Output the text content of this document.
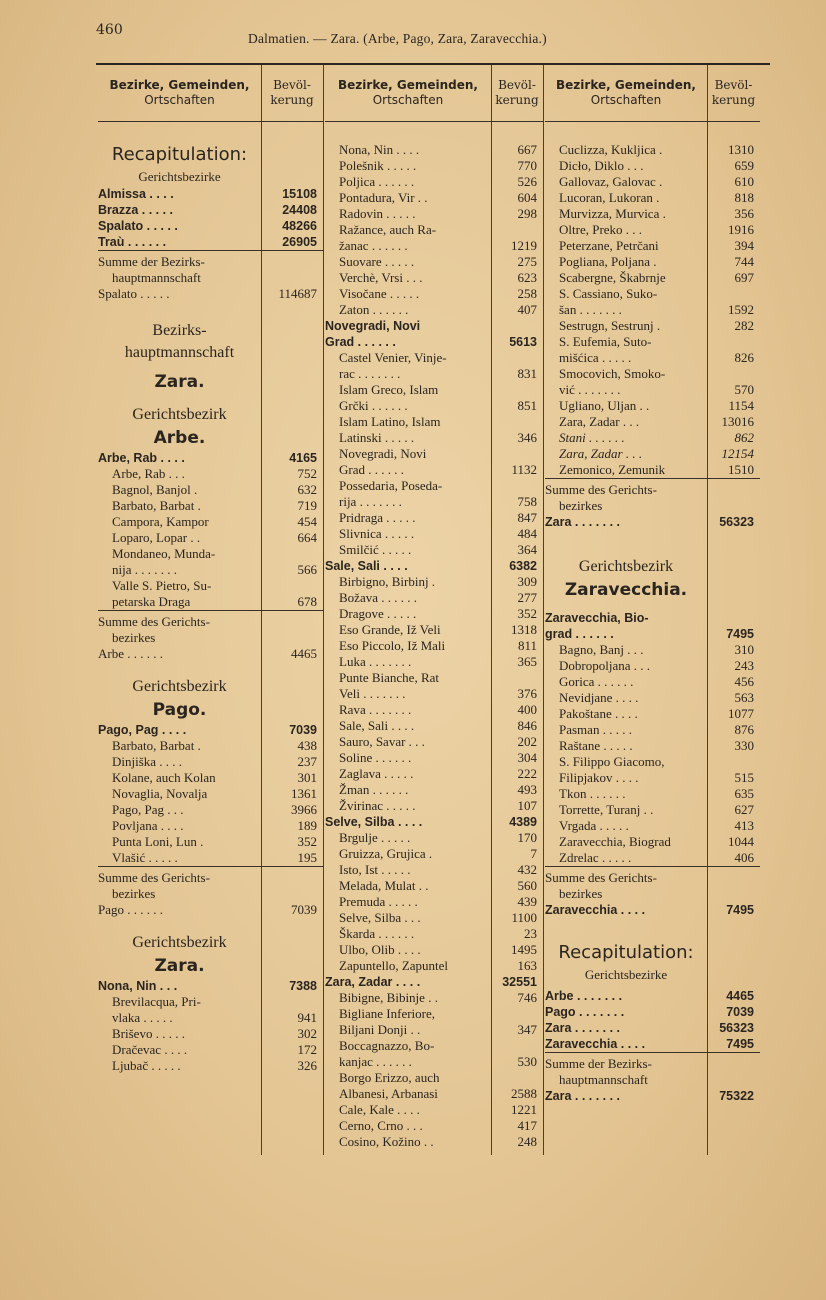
460
Dalmatien. — Zara. (Arbe, Pago, Zara, Zaravecchia.)
Bezirke, Gemeinden,
Ortschaften
Bevöl-
kerung
Recapitulation:
Gerichtsbezirke
Almissa . . . .	15108
Brazza . . . . .	24408
Spalato . . . . .	48266
Traù . . . . . .	26905
Summe der Bezirks-
hauptmannschaft
Spalato . . . . .	114687
Bezirks-
hauptmannschaft
Zara.
Gerichtsbezirk
Arbe.
Arbe, Rab . . . .	4165
Arbe, Rab . . .	752
Bagnol, Banjol .	632
Barbato, Barbat .	719
Campora, Kampor	454
Loparo, Lopar . .	664
Mondaneo, Munda-
nija . . . . . . .	566
Valle S. Pietro, Su-
petarska Draga	678
Summe des Gerichts-
bezirkes
Arbe . . . . . .	4465
Gerichtsbezirk
Pago.
Pago, Pag . . . .	7039
Barbato, Barbat .	438
Dinjiška . . . .	237
Kolane, auch Kolan	301
Novaglia, Novalja	1361
Pago, Pag . . .	3966
Povljana . . . .	189
Punta Loni, Lun .	352
Vlašić . . . . .	195
Summe des Gerichts-
bezirkes
Pago . . . . . .	7039
Gerichtsbezirk
Zara.
Nona, Nin . . .	7388
Brevilacqua, Pri-
vlaka . . . . .	941
Briševo . . . . .	302
Dračevac . . . .	172
Ljubač . . . . .	326
Bezirke, Gemeinden,
Ortschaften
Bevöl-
kerung
Nona, Nin . . . .	667
Polešnik . . . . .	770
Poljica . . . . . .	526
Pontadura, Vir . .	604
Radovin . . . . .	298
Ražance, auch Ra-
žanac . . . . . .	1219
Suovare . . . . .	275
Verchè, Vrsi . . .	623
Visočane . . . . .	258
Zaton . . . . . .	407
Novegradi, Novi
Grad . . . . . .	5613
Castel Venier, Vinje-
rac . . . . . . .	831
Islam Greco, Islam
Grčki . . . . . .	851
Islam Latino, Islam
Latinski . . . . .	346
Novegradi, Novi
Grad . . . . . .	1132
Possedaria, Poseda-
rija . . . . . . .	758
Pridraga . . . . .	847
Slivnica . . . . .	484
Smilčić . . . . .	364
Sale, Sali . . . .	6382
Birbigno, Birbinj .	309
Božava . . . . . .	277
Dragove . . . . .	352
Eso Grande, Iž Veli	1318
Eso Piccolo, Iž Mali	811
Luka . . . . . . .	365
Punte Bianche, Rat
Veli . . . . . . .	376
Rava . . . . . . .	400
Sale, Sali . . . .	846
Sauro, Savar . . .	202
Soline . . . . . .	304
Zaglava . . . . .	222
Žman . . . . . .	493
Žvirinac . . . . .	107
Selve, Silba . . . .	4389
Brgulje . . . . .	170
Gruizza, Grujica .	7
Isto, Ist . . . . .	432
Melada, Mulat . .	560
Premuda . . . . .	439
Selve, Silba . . .	1100
Škarda . . . . . .	23
Ulbo, Olib . . . .	1495
Zapuntello, Zapuntel	163
Zara, Zadar . . . .	32551
Bibigne, Bibinje . .	746
Bigliane Inferiore,
Biljani Donji . .	347
Boccagnazzo, Bo-
kanjac . . . . . .	530
Borgo Erizzo, auch
Albanesi, Arbanasi	2588
Cale, Kale . . . .	1221
Cerno, Crno . . .	417
Cosino, Kožino . .	248
Bezirke, Gemeinden,
Ortschaften
Bevöl-
kerung
Cuclizza, Kukljica .	1310
Dicło, Diklo . . .	659
Gallovaz, Galovac .	610
Lucoran, Lukoran .	818
Murvizza, Murvica .	356
Oltre, Preko . . .	1916
Peterzane, Petrčani	394
Pogliana, Poljana .	744
Scabergne, Škabrnje	697
S. Cassiano, Suko-
šan . . . . . . .	1592
Sestrugn, Sestrunj .	282
S. Eufemia, Suto-
mišćica . . . . .	826
Smocovich, Smoko-
vić . . . . . . .	570
Ugliano, Uljan . .	1154
Zara, Zadar . . .	13016
Stani . . . . . .	862
Zara, Zadar . . .	12154
Zemonico, Zemunik	1510
Summe des Gerichts-
bezirkes
Zara . . . . . . .	56323
Gerichtsbezirk
Zaravecchia.
Zaravecchia, Bio-
grad . . . . . .	7495
Bagno, Banj . . .	310
Dobropoljana . . .	243
Gorica . . . . . .	456
Nevidjane . . . .	563
Pakoštane . . . .	1077
Pasman . . . . .	876
Raštane . . . . .	330
S. Filippo Giacomo,
Filipjakov . . . .	515
Tkon . . . . . .	635
Torrette, Turanj . .	627
Vrgada . . . . .	413
Zaravecchia, Biograd	1044
Zdrelac . . . . .	406
Summe des Gerichts-
bezirkes
Zaravecchia . . . .	7495
Recapitulation:
Gerichtsbezirke
Arbe . . . . . . .	4465
Pago . . . . . . .	7039
Zara . . . . . . .	56323
Zaravecchia . . . .	7495
Summe der Bezirks-
hauptmannschaft
Zara . . . . . . .	75322
